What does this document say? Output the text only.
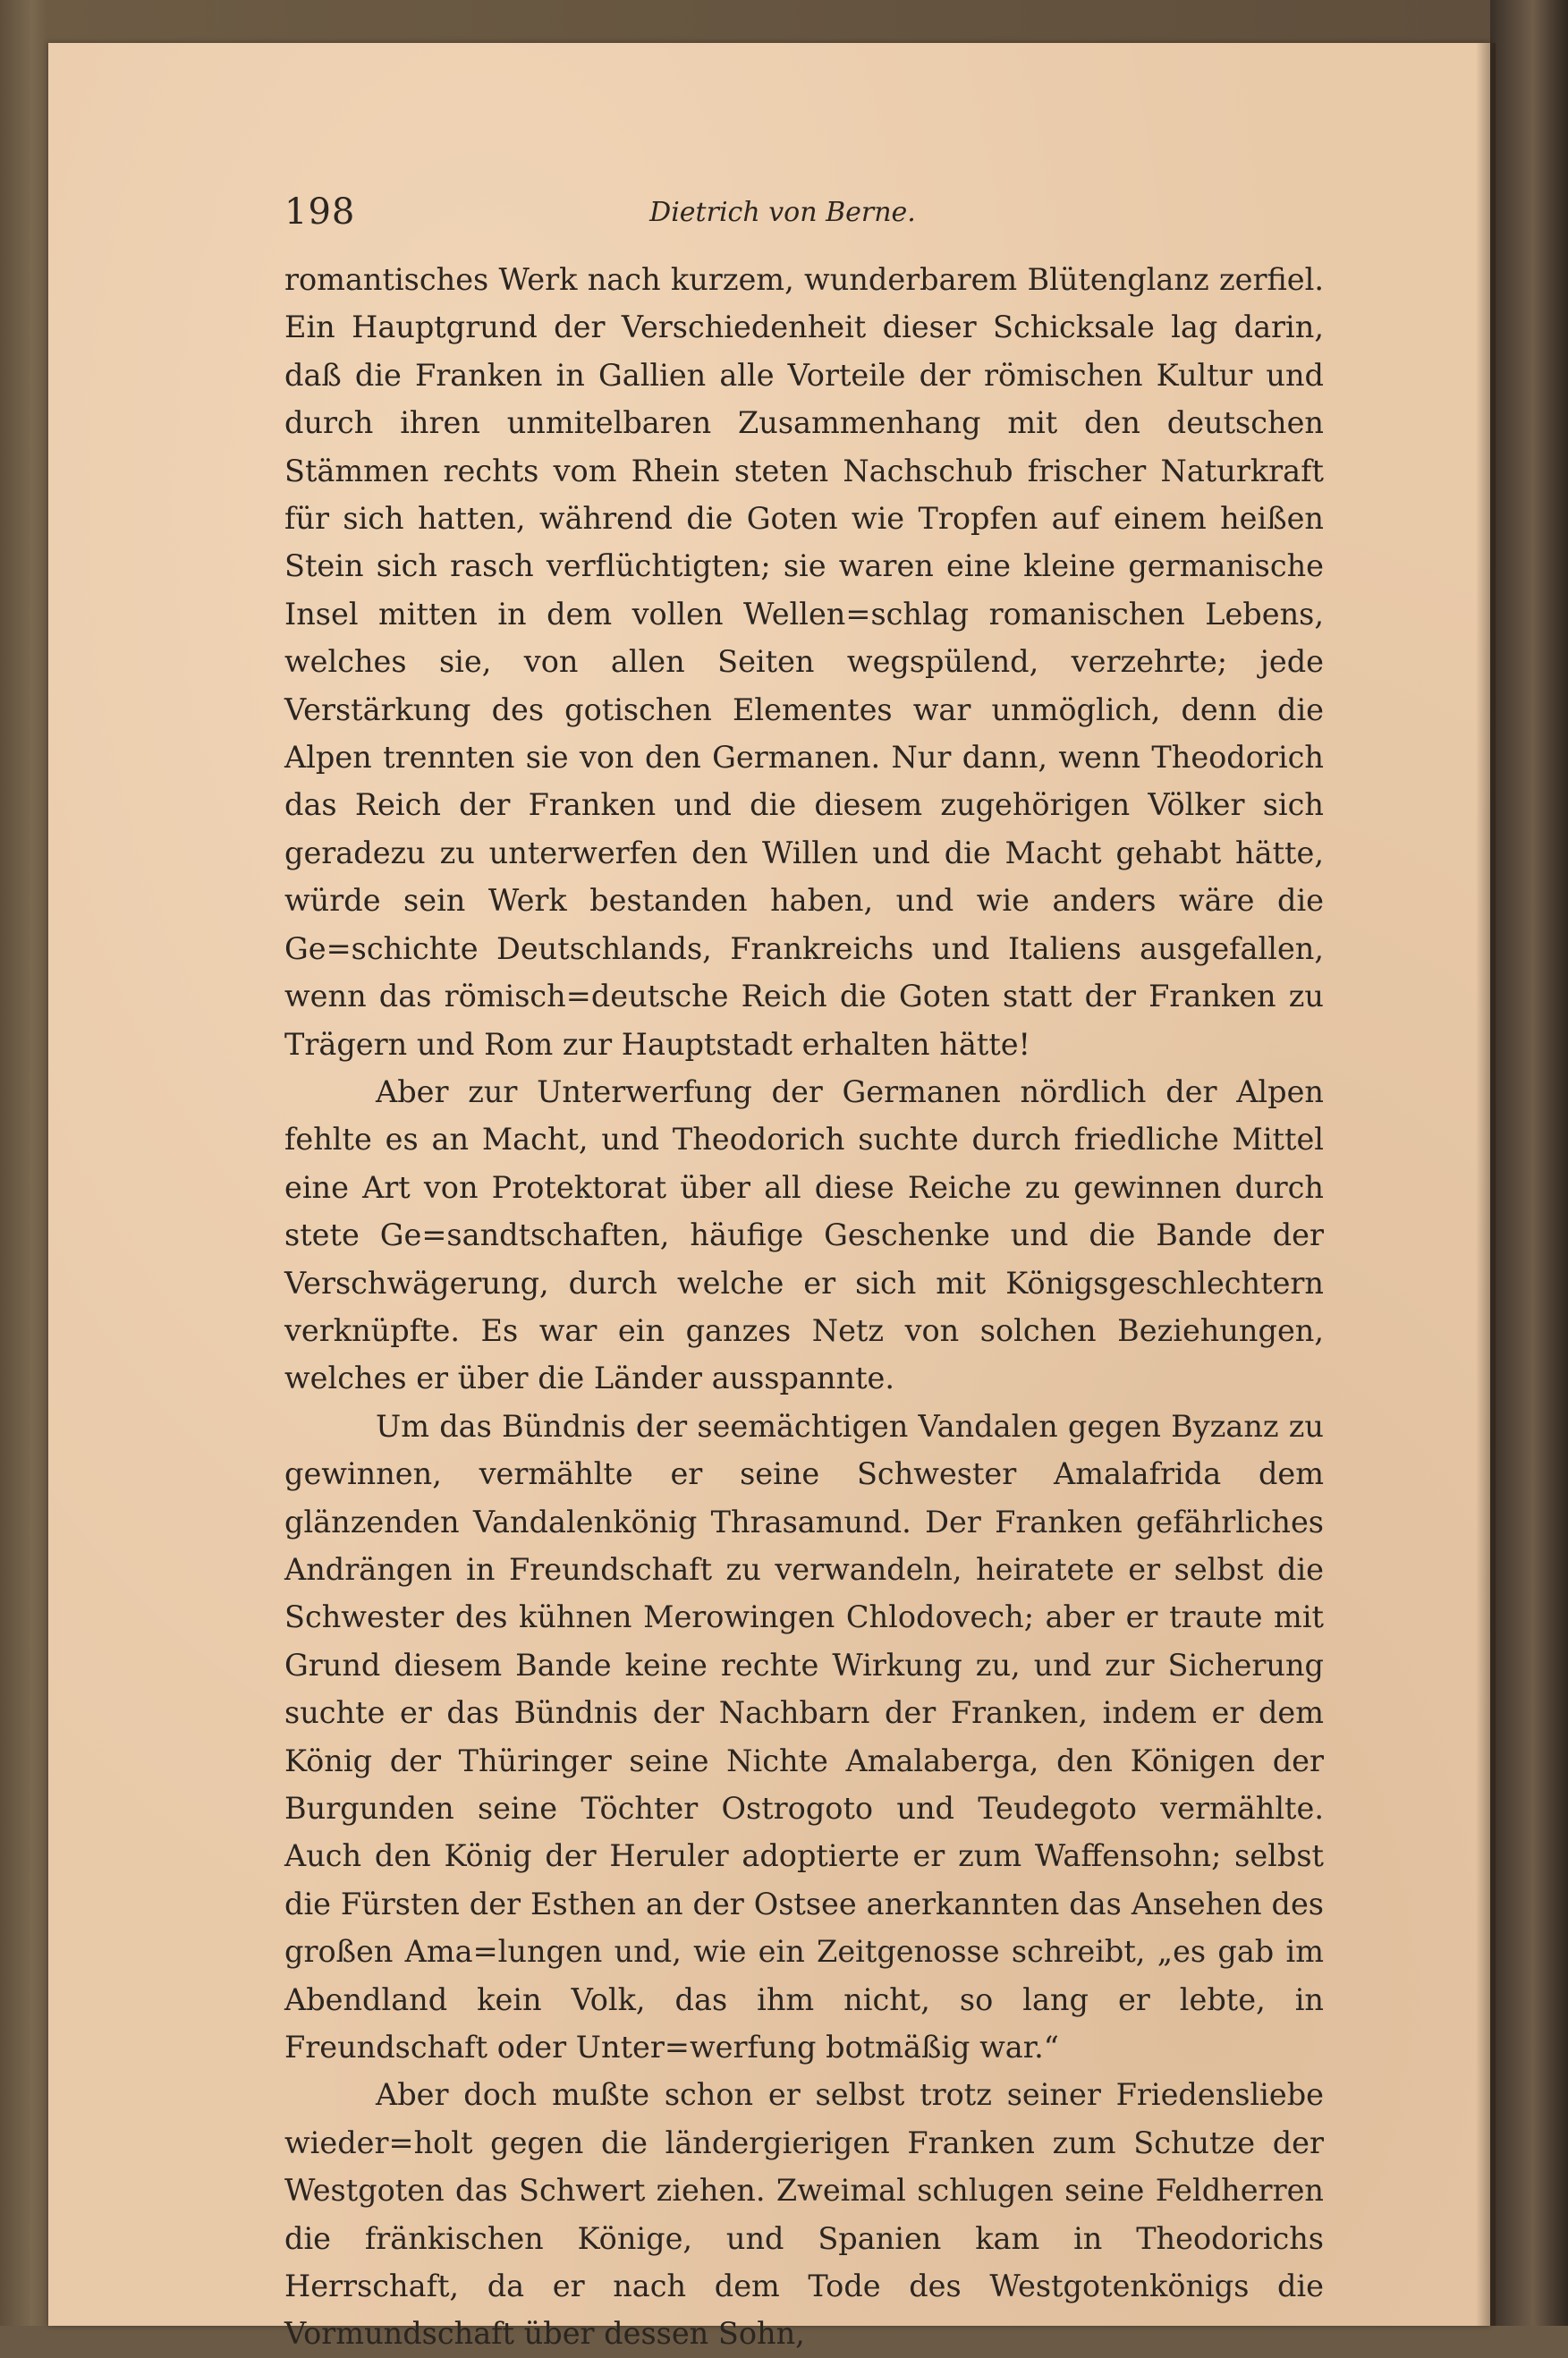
198	Dietrich von Berne.

romantisches Werk nach kurzem, wunderbarem Blütenglanz zerfiel. Ein Hauptgrund der Verschiedenheit dieser Schicksale lag darin, daß die Franken in Gallien alle Vorteile der römischen Kultur und durch ihren unmitelbaren Zusammenhang mit den deutschen Stämmen rechts vom Rhein steten Nachschub frischer Naturkraft für sich hatten, während die Goten wie Tropfen auf einem heißen Stein sich rasch verflüchtigten; sie waren eine kleine germanische Insel mitten in dem vollen Wellen=schlag romanischen Lebens, welches sie, von allen Seiten wegspülend, verzehrte; jede Verstärkung des gotischen Elementes war unmöglich, denn die Alpen trennten sie von den Germanen. Nur dann, wenn Theodorich das Reich der Franken und die diesem zugehörigen Völker sich geradezu zu unterwerfen den Willen und die Macht gehabt hätte, würde sein Werk bestanden haben, und wie anders wäre die Ge=schichte Deutschlands, Frankreichs und Italiens ausgefallen, wenn das römisch=deutsche Reich die Goten statt der Franken zu Trägern und Rom zur Hauptstadt erhalten hätte!

Aber zur Unterwerfung der Germanen nördlich der Alpen fehlte es an Macht, und Theodorich suchte durch friedliche Mittel eine Art von Protektorat über all diese Reiche zu gewinnen durch stete Ge=sandtschaften, häufige Geschenke und die Bande der Verschwägerung, durch welche er sich mit Königsgeschlechtern verknüpfte. Es war ein ganzes Netz von solchen Beziehungen, welches er über die Länder ausspannte.

Um das Bündnis der seemächtigen Vandalen gegen Byzanz zu gewinnen, vermählte er seine Schwester Amalafrida dem glänzenden Vandalenkönig Thrasamund. Der Franken gefährliches Andrängen in Freundschaft zu verwandeln, heiratete er selbst die Schwester des kühnen Merowingen Chlodovech; aber er traute mit Grund diesem Bande keine rechte Wirkung zu, und zur Sicherung suchte er das Bündnis der Nachbarn der Franken, indem er dem König der Thüringer seine Nichte Amalaberga, den Königen der Burgunden seine Töchter Ostrogoto und Teudegoto vermählte. Auch den König der Heruler adoptierte er zum Waffensohn; selbst die Fürsten der Esthen an der Ostsee anerkannten das Ansehen des großen Ama=lungen und, wie ein Zeitgenosse schreibt, „es gab im Abendland kein Volk, das ihm nicht, so lang er lebte, in Freundschaft oder Unter=werfung botmäßig war.“

Aber doch mußte schon er selbst trotz seiner Friedensliebe wieder=holt gegen die ländergierigen Franken zum Schutze der Westgoten das Schwert ziehen. Zweimal schlugen seine Feldherren die fränkischen Könige, und Spanien kam in Theodorichs Herrschaft, da er nach dem Tode des Westgotenkönigs die Vormundschaft über dessen Sohn,
